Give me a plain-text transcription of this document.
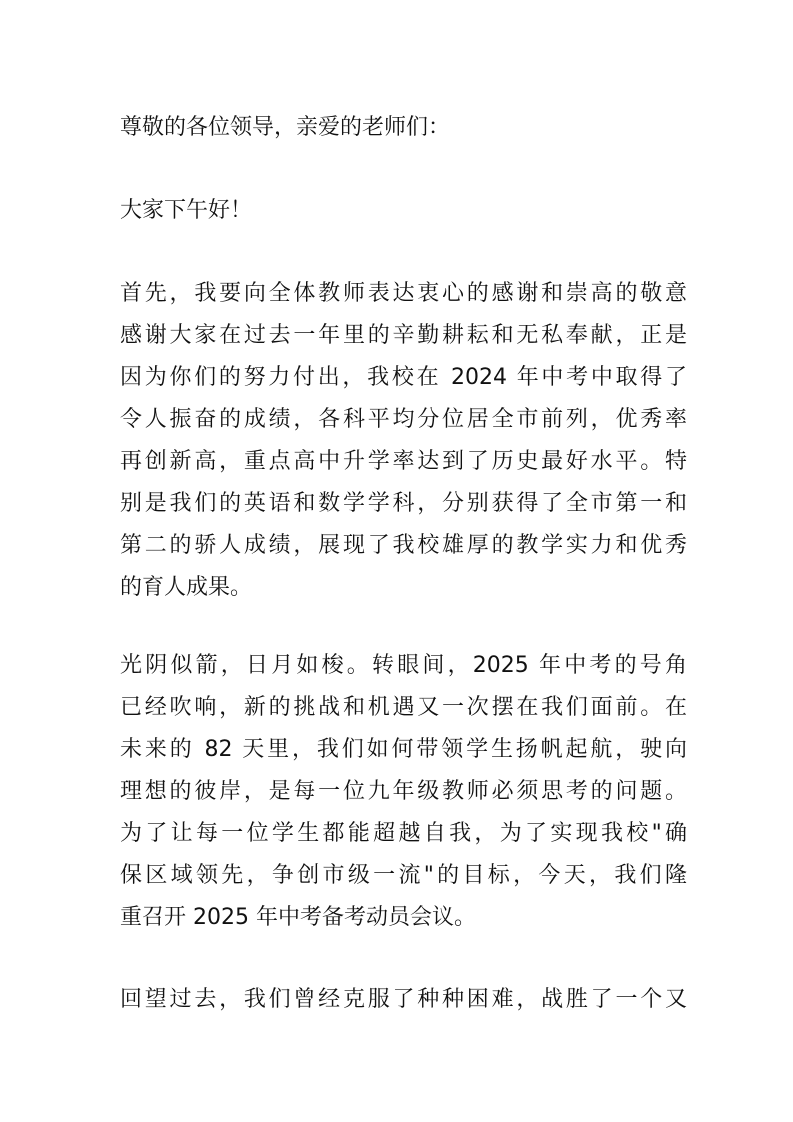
尊敬的各位领导，亲爱的老师们：
大家下午好！
首先，我要向全体教师表达衷心的感谢和崇高的敬意
感谢大家在过去一年里的辛勤耕耘和无私奉献，正是
因为你们的努力付出，我校在 2024 年中考中取得了
令人振奋的成绩，各科平均分位居全市前列，优秀率
再创新高，重点高中升学率达到了历史最好水平。特
别是我们的英语和数学学科，分别获得了全市第一和
第二的骄人成绩，展现了我校雄厚的教学实力和优秀
的育人成果。
光阴似箭，日月如梭。转眼间，2025 年中考的号角
已经吹响，新的挑战和机遇又一次摆在我们面前。在
未来的 82 天里，我们如何带领学生扬帆起航，驶向
理想的彼岸，是每一位九年级教师必须思考的问题。
为了让每一位学生都能超越自我，为了实现我校"确
保区域领先，争创市级一流"的目标，今天，我们隆
重召开 2025 年中考备考动员会议。
回望过去，我们曾经克服了种种困难，战胜了一个又
